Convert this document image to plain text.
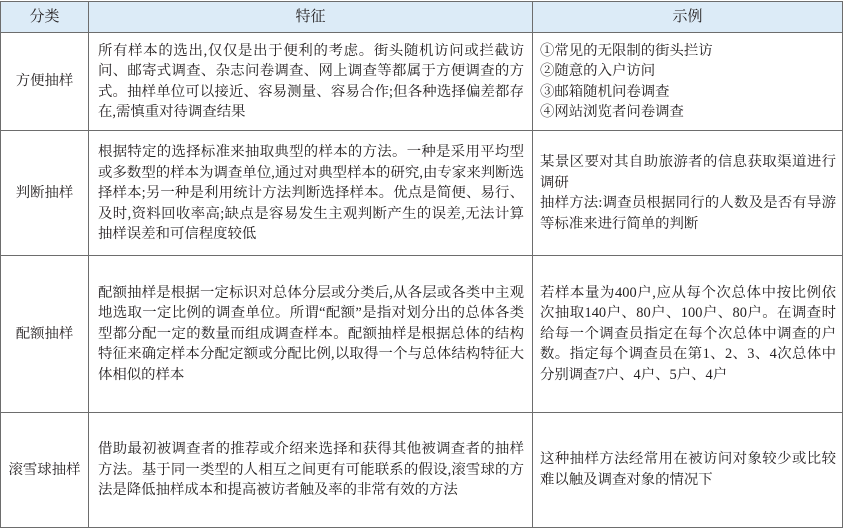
分类	特征	示例
方便抽样	所有样本的选出,仅仅是出于便利的考虑。街头随机访问或拦截访问、邮寄式调查、杂志问卷调查、网上调查等都属于方便调查的方式。抽样单位可以接近、容易测量、容易合作;但各种选择偏差都存在,需慎重对待调查结果	①常见的无限制的街头拦访
②随意的入户访问
③邮箱随机问卷调查
④网站浏览者问卷调查

判断抽样	根据特定的选择标准来抽取典型的样本的方法。一种是采用平均型或多数型的样本为调查单位,通过对典型样本的研究,由专家来判断选择样本;另一种是利用统计方法判断选择样本。优点是简便、易行、及时,资料回收率高;缺点是容易发生主观判断产生的误差,无法计算抽样误差和可信程度较低	某景区要对其自助旅游者的信息获取渠道进行调研
抽样方法:调查员根据同行的人数及是否有导游等标准来进行简单的判断

配额抽样	配额抽样是根据一定标识对总体分层或分类后,从各层或各类中主观地选取一定比例的调查单位。所谓“配额”是指对划分出的总体各类型都分配一定的数量而组成调查样本。配额抽样是根据总体的结构特征来确定样本分配定额或分配比例,以取得一个与总体结构特征大体相似的样本	若样本量为400户,应从每个次总体中按比例依次抽取140户、80户、100户、80户。在调查时给每一个调查员指定在每个次总体中调查的户数。指定每个调查员在第1、2、3、4次总体中分别调查7户、4户、5户、4户

滚雪球抽样	借助最初被调查者的推荐或介绍来选择和获得其他被调查者的抽样方法。基于同一类型的人相互之间更有可能联系的假设,滚雪球的方法是降低抽样成本和提高被访者触及率的非常有效的方法	这种抽样方法经常用在被访问对象较少或比较难以触及调查对象的情况下
